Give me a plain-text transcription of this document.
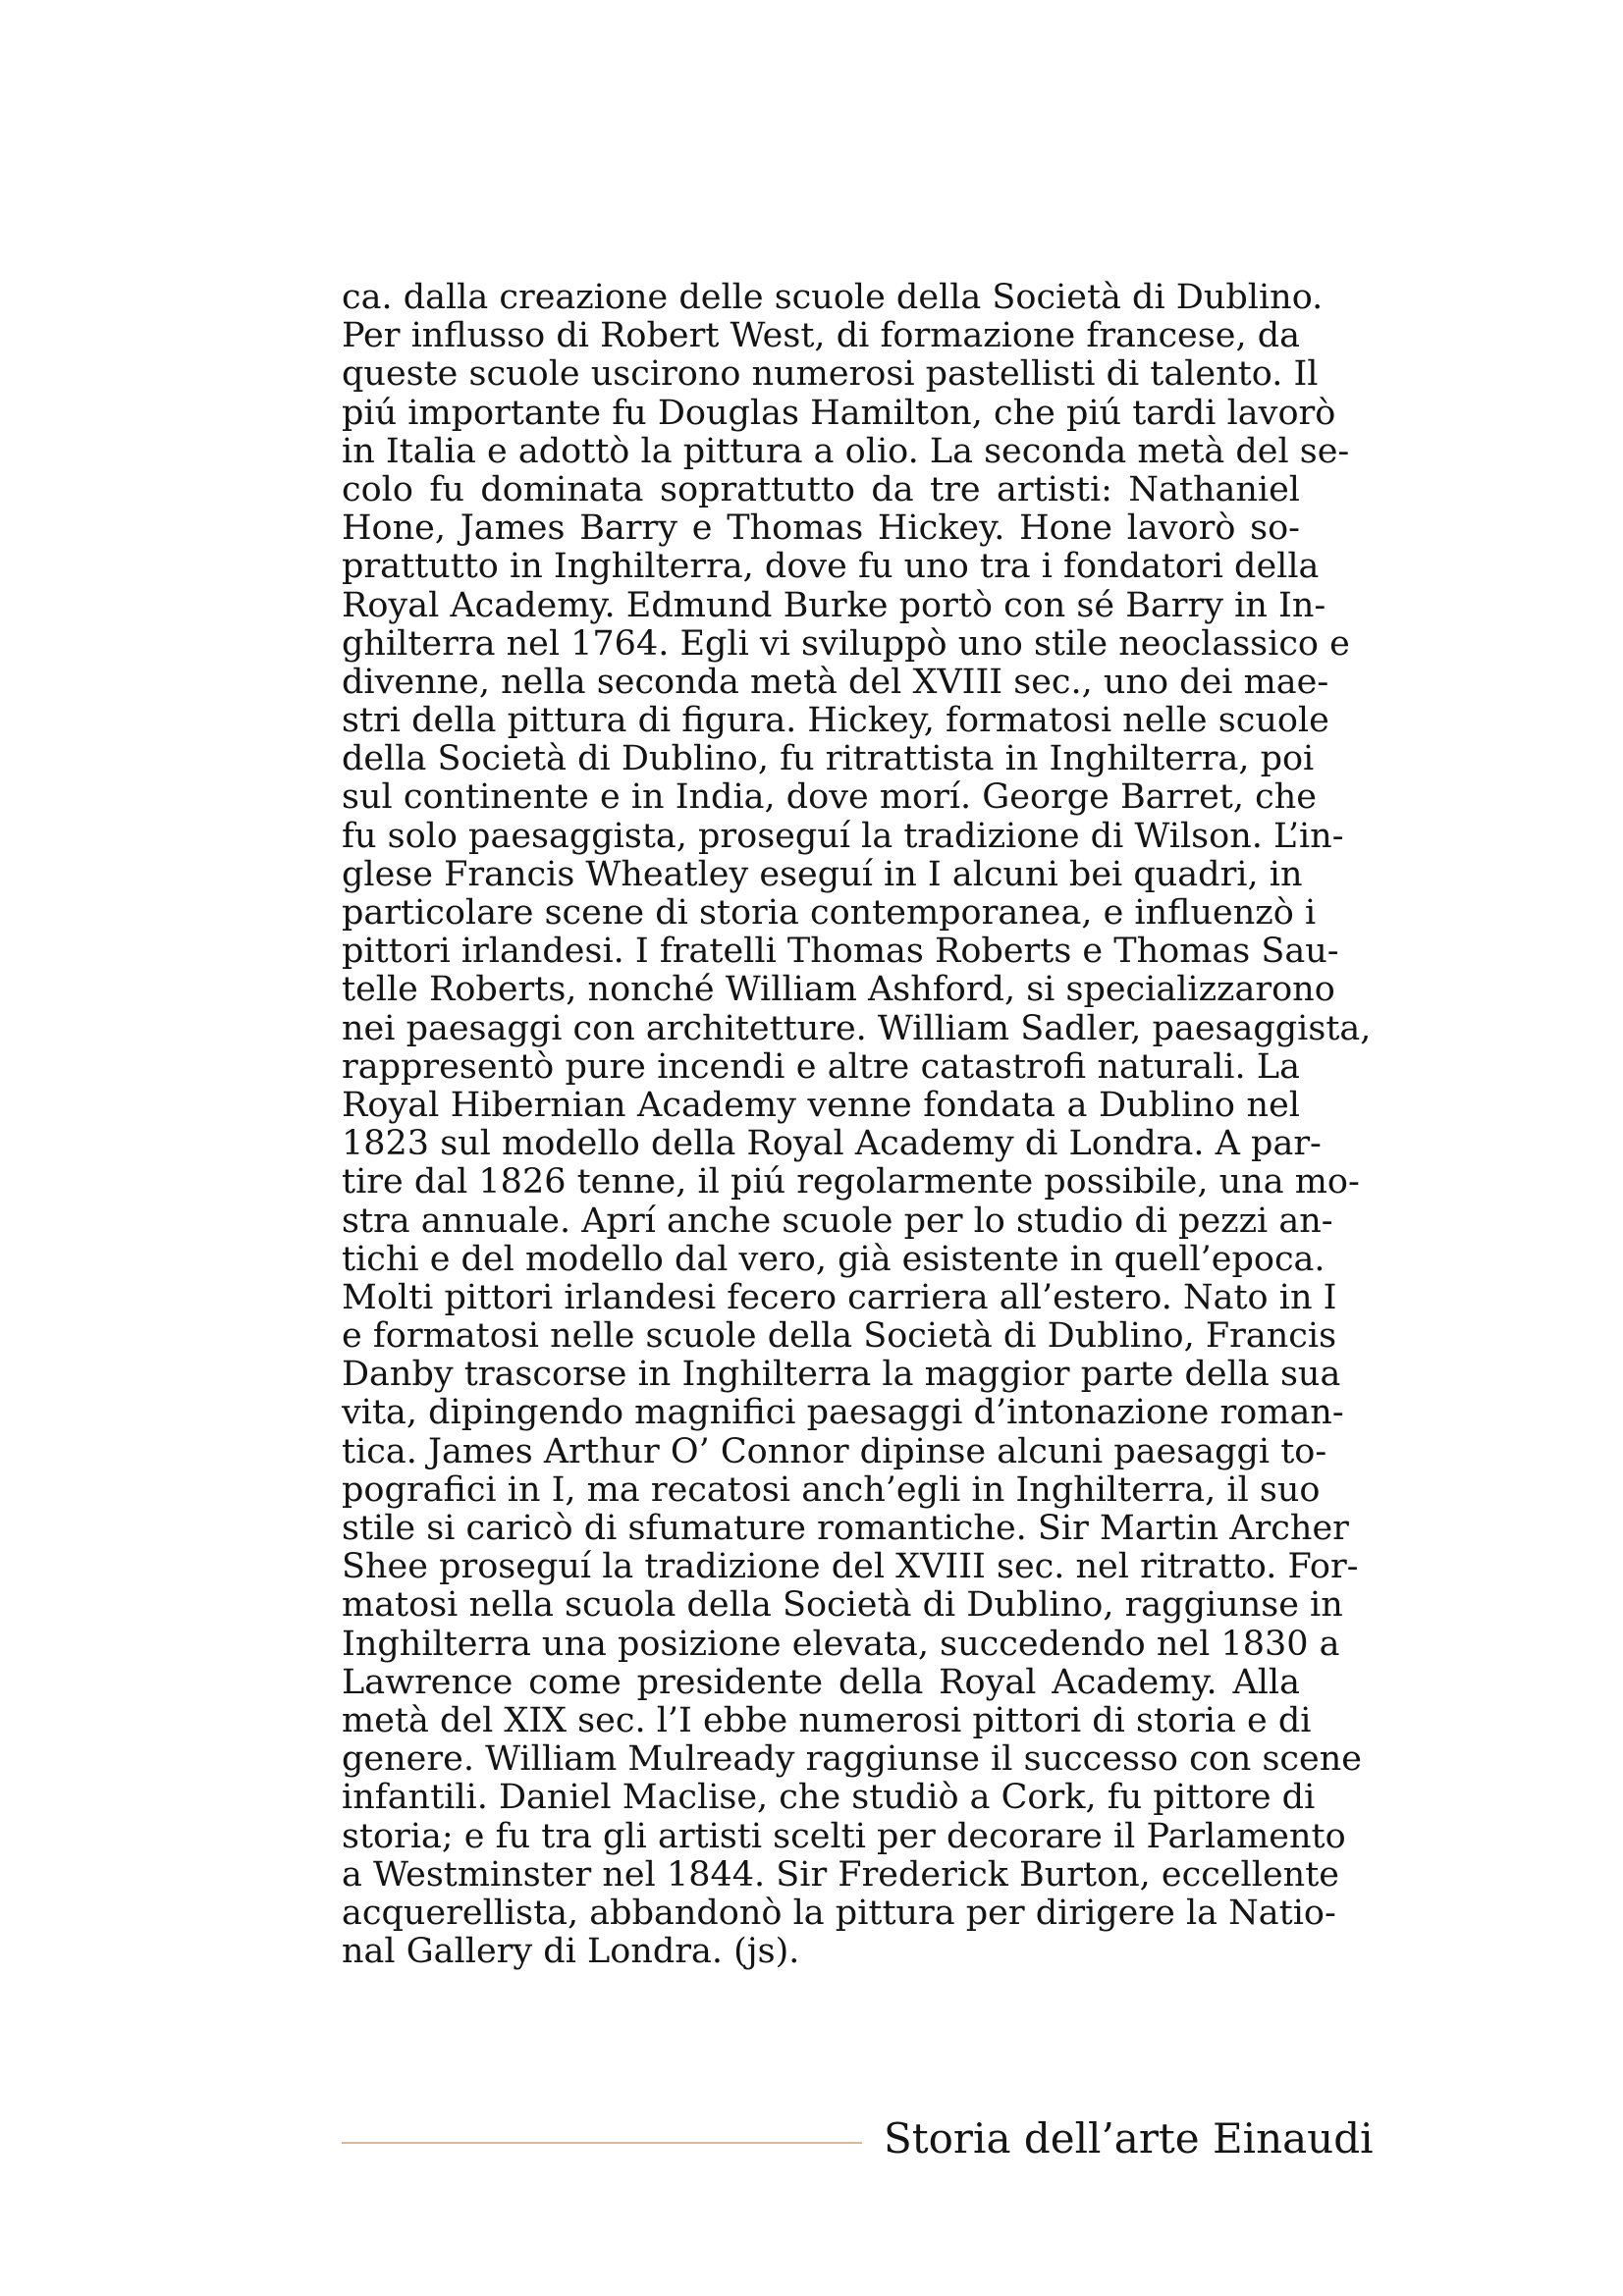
ca. dalla creazione delle scuole della Società di Dublino.
Per influsso di Robert West, di formazione francese, da
queste scuole uscirono numerosi pastellisti di talento. Il
piú importante fu Douglas Hamilton, che piú tardi lavorò
in Italia e adottò la pittura a olio. La seconda metà del se-
colo fu dominata soprattutto da tre artisti: Nathaniel
Hone, James Barry e Thomas Hickey. Hone lavorò so-
prattutto in Inghilterra, dove fu uno tra i fondatori della
Royal Academy. Edmund Burke portò con sé Barry in In-
ghilterra nel 1764. Egli vi sviluppò uno stile neoclassico e
divenne, nella seconda metà del XVIII sec., uno dei mae-
stri della pittura di figura. Hickey, formatosi nelle scuole
della Società di Dublino, fu ritrattista in Inghilterra, poi
sul continente e in India, dove morí. George Barret, che
fu solo paesaggista, proseguí la tradizione di Wilson. L’in-
glese Francis Wheatley eseguí in I alcuni bei quadri, in
particolare scene di storia contemporanea, e influenzò i
pittori irlandesi. I fratelli Thomas Roberts e Thomas Sau-
telle Roberts, nonché William Ashford, si specializzarono
nei paesaggi con architetture. William Sadler, paesaggista,
rappresentò pure incendi e altre catastrofi naturali. La
Royal Hibernian Academy venne fondata a Dublino nel
1823 sul modello della Royal Academy di Londra. A par-
tire dal 1826 tenne, il piú regolarmente possibile, una mo-
stra annuale. Aprí anche scuole per lo studio di pezzi an-
tichi e del modello dal vero, già esistente in quell’epoca.
Molti pittori irlandesi fecero carriera all’estero. Nato in I
e formatosi nelle scuole della Società di Dublino, Francis
Danby trascorse in Inghilterra la maggior parte della sua
vita, dipingendo magnifici paesaggi d’intonazione roman-
tica. James Arthur O’ Connor dipinse alcuni paesaggi to-
pografici in I, ma recatosi anch’egli in Inghilterra, il suo
stile si caricò di sfumature romantiche. Sir Martin Archer
Shee proseguí la tradizione del XVIII sec. nel ritratto. For-
matosi nella scuola della Società di Dublino, raggiunse in
Inghilterra una posizione elevata, succedendo nel 1830 a
Lawrence come presidente della Royal Academy. Alla
metà del XIX sec. l’I ebbe numerosi pittori di storia e di
genere. William Mulready raggiunse il successo con scene
infantili. Daniel Maclise, che studiò a Cork, fu pittore di
storia; e fu tra gli artisti scelti per decorare il Parlamento
a Westminster nel 1844. Sir Frederick Burton, eccellente
acquerellista, abbandonò la pittura per dirigere la Natio-
nal Gallery di Londra. (js).
Storia dell’arte Einaudi
